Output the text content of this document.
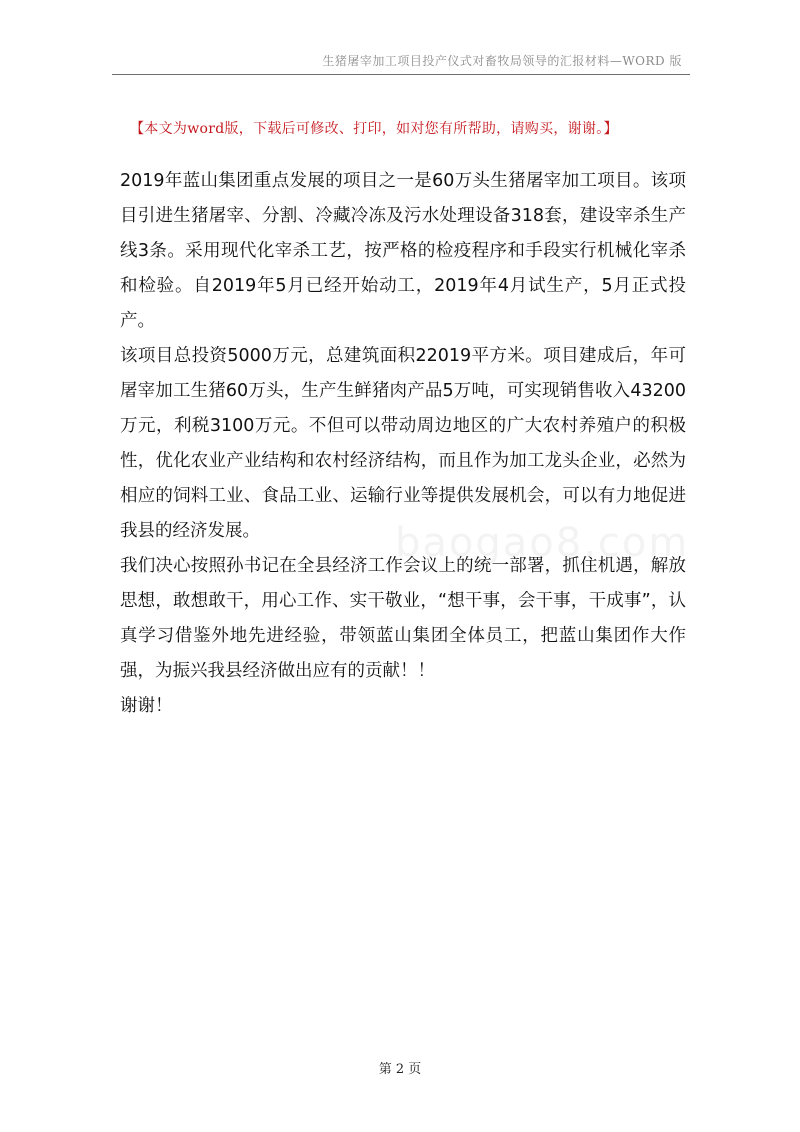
生猪屠宰加工项目投产仪式对畜牧局领导的汇报材料—WORD 版
【本文为word版，下载后可修改、打印，如对您有所帮助，请购买，谢谢。】

2019年蓝山集团重点发展的项目之一是60万头生猪屠宰加工项目。该项目引进生猪屠宰、分割、冷藏冷冻及污水处理设备318套，建设宰杀生产线3条。采用现代化宰杀工艺，按严格的检疫程序和手段实行机械化宰杀和检验。自2019年5月已经开始动工，2019年4月试生产，5月正式投产。

该项目总投资5000万元，总建筑面积22019平方米。项目建成后，年可屠宰加工生猪60万头，生产生鲜猪肉产品5万吨，可实现销售收入43200万元，利税3100万元。不但可以带动周边地区的广大农村养殖户的积极性，优化农业产业结构和农村经济结构，而且作为加工龙头企业，必然为相应的饲料工业、食品工业、运输行业等提供发展机会，可以有力地促进我县的经济发展。

我们决心按照孙书记在全县经济工作会议上的统一部署，抓住机遇，解放思想，敢想敢干，用心工作、实干敬业，“想干事，会干事，干成事”，认真学习借鉴外地先进经验，带领蓝山集团全体员工，把蓝山集团作大作强，为振兴我县经济做出应有的贡献！！

谢谢！

baogao8.com
第 2 页
